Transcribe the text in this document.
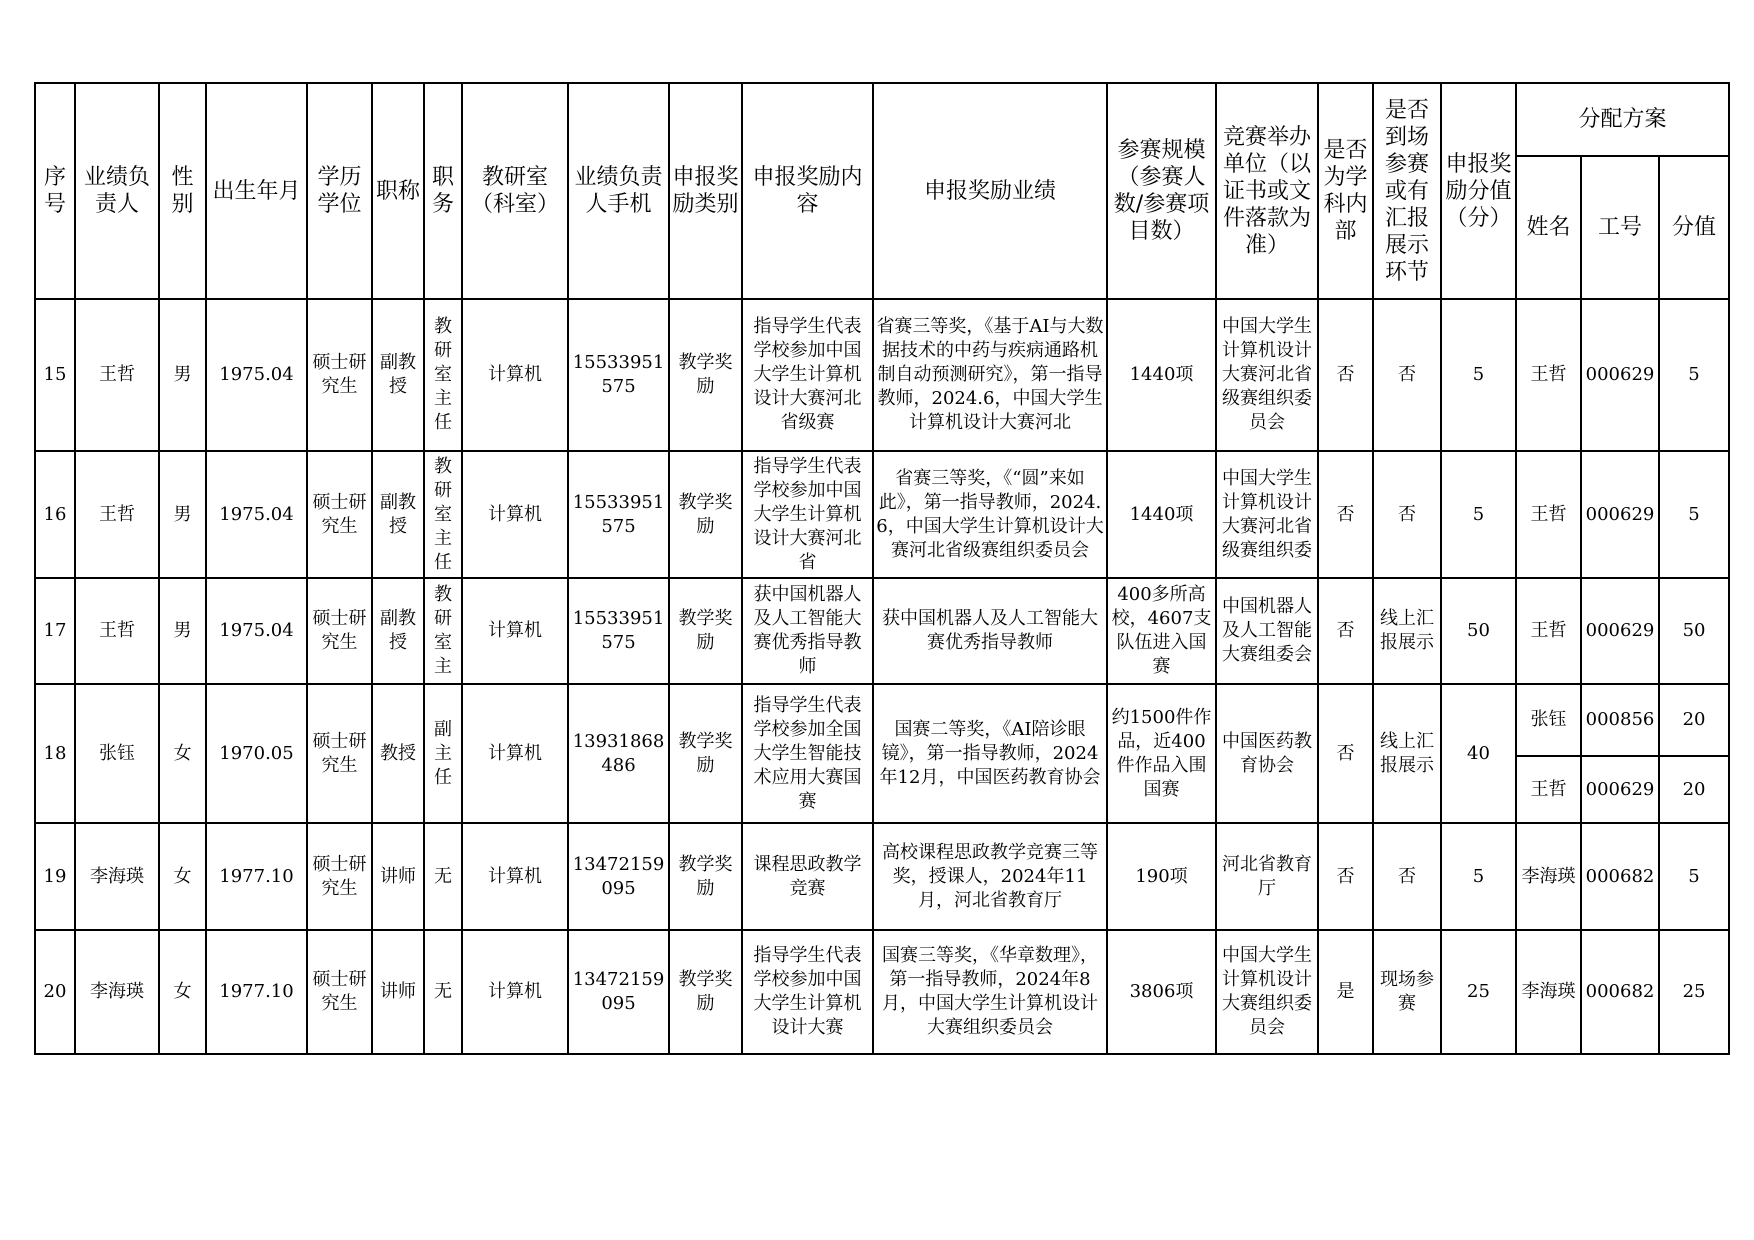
序号	业绩负责人	性别	出生年月	学历学位	职称	职务	教研室（科室）	业绩负责人手机	申报奖励类别	申报奖励内容	申报奖励业绩	参赛规模（参赛人数/参赛项目数）	竞赛举办单位（以证书或文件落款为准）	是否为学科内部	是否到场参赛或有汇报展示环节	申报奖励分值（分）	分配方案		
																	姓名	工号	分值
15	王哲	男	1975.04	硕士研究生	副教授	教研室主任	计算机	15533951575	教学奖励	指导学生代表学校参加中国大学生计算机设计大赛河北省级赛	省赛三等奖，《基于AI与大数据技术的中药与疾病通路机制自动预测研究》，第一指导教师，2024.6，中国大学生计算机设计大赛河北	1440项	中国大学生计算机设计大赛河北省级赛组织委员会	否	否	5	王哲	000629	5
16	王哲	男	1975.04	硕士研究生	副教授	教研室主任	计算机	15533951575	教学奖励	指导学生代表学校参加中国大学生计算机设计大赛河北省	省赛三等奖，《“圆”来如此》，第一指导教师，2024.6，中国大学生计算机设计大赛河北省级赛组织委员会	1440项	中国大学生计算机设计大赛河北省级赛组织委	否	否	5	王哲	000629	5
17	王哲	男	1975.04	硕士研究生	副教授	教研室主	计算机	15533951575	教学奖励	获中国机器人及人工智能大赛优秀指导教师	获中国机器人及人工智能大赛优秀指导教师	400多所高校，4607支队伍进入国赛	中国机器人及人工智能大赛组委会	否	线上汇报展示	50	王哲	000629	50
18	张钰	女	1970.05	硕士研究生	教授	副主任	计算机	13931868486	教学奖励	指导学生代表学校参加全国大学生智能技术应用大赛国赛	国赛二等奖，《AI陪诊眼镜》，第一指导教师，2024年12月，中国医药教育协会	约1500件作品，近400件作品入围国赛	中国医药教育协会	否	线上汇报展示	40	张钰	000856	20
																	王哲	000629	20
19	李海瑛	女	1977.10	硕士研究生	讲师	无	计算机	13472159095	教学奖励	课程思政教学竞赛	高校课程思政教学竞赛三等奖，授课人，2024年11月，河北省教育厅	190项	河北省教育厅	否	否	5	李海瑛	000682	5
20	李海瑛	女	1977.10	硕士研究生	讲师	无	计算机	13472159095	教学奖励	指导学生代表学校参加中国大学生计算机设计大赛	国赛三等奖，《华章数理》，第一指导教师，2024年8月，中国大学生计算机设计大赛组织委员会	3806项	中国大学生计算机设计大赛组织委员会	是	现场参赛	25	李海瑛	000682	25
